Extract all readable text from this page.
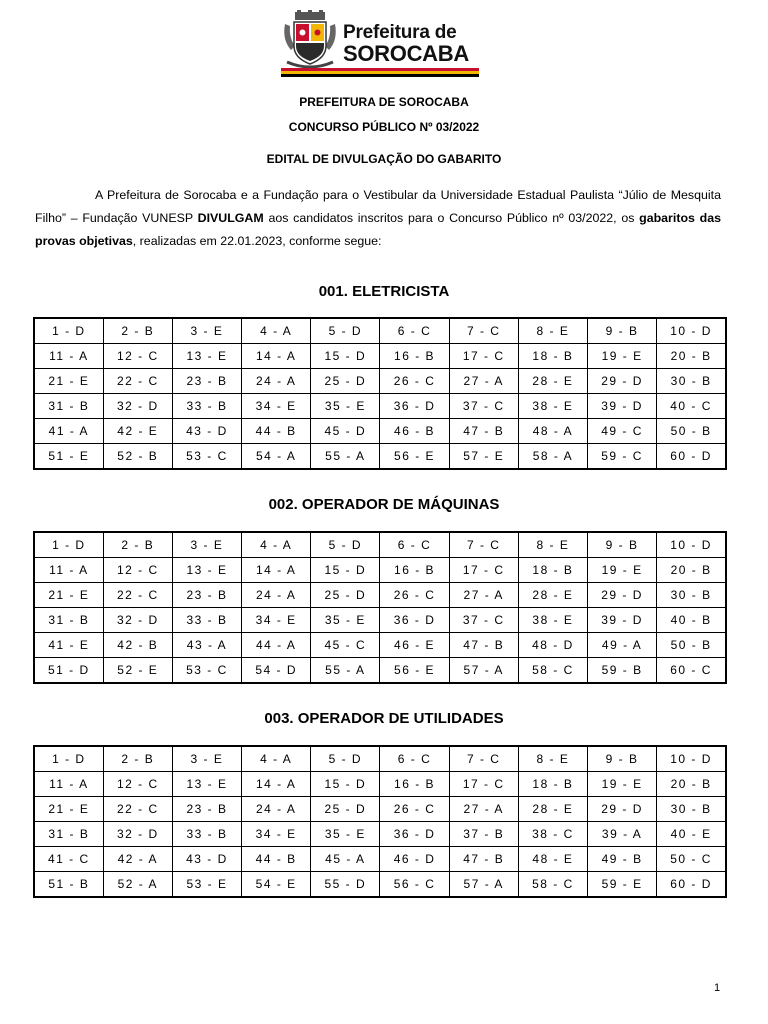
Prefeitura de
SOROCABA
PREFEITURA DE SOROCABA
CONCURSO PÚBLICO Nº 03/2022
EDITAL DE DIVULGAÇÃO DO GABARITO
A Prefeitura de Sorocaba e a Fundação para o Vestibular da Universidade Estadual Paulista “Júlio de Mesquita Filho” – Fundação VUNESP DIVULGAM aos candidatos inscritos para o Concurso Público nº 03/2022, os gabaritos das provas objetivas, realizadas em 22.01.2023, conforme segue:
001. ELETRICISTA
1 - D	2 - B	3 - E	4 - A	5 - D	6 - C	7 - C	8 - E	9 - B	10 - D
11 - A	12 - C	13 - E	14 - A	15 - D	16 - B	17 - C	18 - B	19 - E	20 - B
21 - E	22 - C	23 - B	24 - A	25 - D	26 - C	27 - A	28 - E	29 - D	30 - B
31 - B	32 - D	33 - B	34 - E	35 - E	36 - D	37 - C	38 - E	39 - D	40 - C
41 - A	42 - E	43 - D	44 - B	45 - D	46 - B	47 - B	48 - A	49 - C	50 - B
51 - E	52 - B	53 - C	54 - A	55 - A	56 - E	57 - E	58 - A	59 - C	60 - D
002. OPERADOR DE MÁQUINAS
1 - D	2 - B	3 - E	4 - A	5 - D	6 - C	7 - C	8 - E	9 - B	10 - D
11 - A	12 - C	13 - E	14 - A	15 - D	16 - B	17 - C	18 - B	19 - E	20 - B
21 - E	22 - C	23 - B	24 - A	25 - D	26 - C	27 - A	28 - E	29 - D	30 - B
31 - B	32 - D	33 - B	34 - E	35 - E	36 - D	37 - C	38 - E	39 - D	40 - B
41 - E	42 - B	43 - A	44 - A	45 - C	46 - E	47 - B	48 - D	49 - A	50 - B
51 - D	52 - E	53 - C	54 - D	55 - A	56 - E	57 - A	58 - C	59 - B	60 - C
003. OPERADOR DE UTILIDADES
1 - D	2 - B	3 - E	4 - A	5 - D	6 - C	7 - C	8 - E	9 - B	10 - D
11 - A	12 - C	13 - E	14 - A	15 - D	16 - B	17 - C	18 - B	19 - E	20 - B
21 - E	22 - C	23 - B	24 - A	25 - D	26 - C	27 - A	28 - E	29 - D	30 - B
31 - B	32 - D	33 - B	34 - E	35 - E	36 - D	37 - B	38 - C	39 - A	40 - E
41 - C	42 - A	43 - D	44 - B	45 - A	46 - D	47 - B	48 - E	49 - B	50 - C
51 - B	52 - A	53 - E	54 - E	55 - D	56 - C	57 - A	58 - C	59 - E	60 - D
1
